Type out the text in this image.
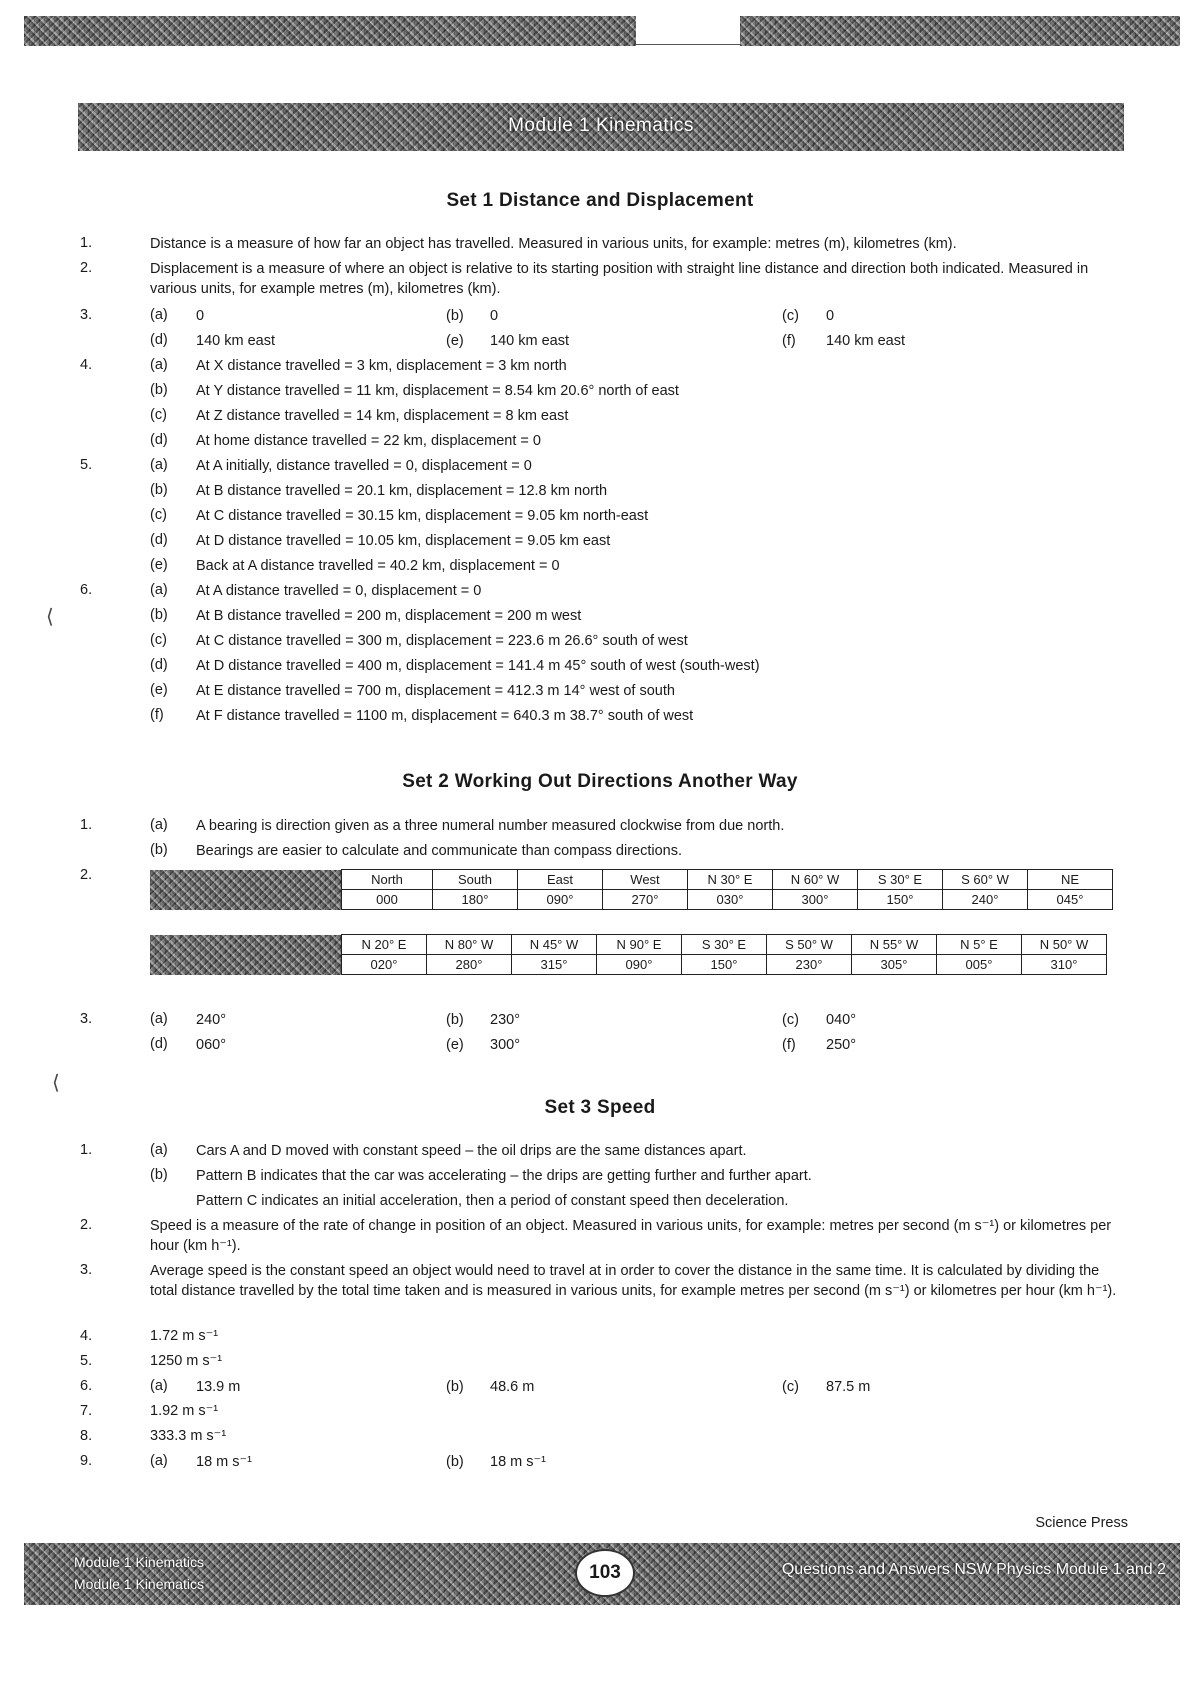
Module 1 Kinematics
Set 1 Distance and Displacement
1.	Distance is a measure of how far an object has travelled. Measured in various units, for example: metres (m), kilometres (km).
2.	Displacement is a measure of where an object is relative to its starting position with straight line distance and direction both indicated. Measured in various units, for example metres (m), kilometres (km).
3.	(a) 0	(b) 0	(c) 0
(d) 140 km east	(e) 140 km east	(f) 140 km east
4.	(a) At X distance travelled = 3 km, displacement = 3 km north
(b) At Y distance travelled = 11 km, displacement = 8.54 km 20.6° north of east
(c) At Z distance travelled = 14 km, displacement = 8 km east
(d) At home distance travelled = 22 km, displacement = 0
5.	(a) At A initially, distance travelled = 0, displacement = 0
(b) At B distance travelled = 20.1 km, displacement = 12.8 km north
(c) At C distance travelled = 30.15 km, displacement = 9.05 km north-east
(d) At D distance travelled = 10.05 km, displacement = 9.05 km east
(e) Back at A distance travelled = 40.2 km, displacement = 0
6.	(a) At A distance travelled = 0, displacement = 0
(b) At B distance travelled = 200 m, displacement = 200 m west
(c) At C distance travelled = 300 m, displacement = 223.6 m 26.6° south of west
(d) At D distance travelled = 400 m, displacement = 141.4 m 45° south of west (south-west)
(e) At E distance travelled = 700 m, displacement = 412.3 m 14° west of south
(f) At F distance travelled = 1100 m, displacement = 640.3 m 38.7° south of west
⟨
Set 2 Working Out Directions Another Way
1.	(a) A bearing is direction given as a three numeral number measured clockwise from due north.
(b) Bearings are easier to calculate and communicate than compass directions.
2.
		North	South	East	West	N 30° E	N 60° W	S 30° E	S 60° W	NE
	000	180°	090°	270°	030°	300°	150°	240°	045°
	N 20° E	N 80° W	N 45° W	N 90° E	S 30° E	S 50° W	N 55° W	N 5° E	N 50° W
	020°	280°	315°	090°	150°	230°	305°	005°	310°
3.	(a) 240°	(b) 230°	(c) 040°
(d) 060°	(e) 300°	(f) 250°
⟨
Set 3 Speed
1.	(a) Cars A and D moved with constant speed – the oil drips are the same distances apart.
(b) Pattern B indicates that the car was accelerating – the drips are getting further and further apart.
Pattern C indicates an initial acceleration, then a period of constant speed then deceleration.
2.	Speed is a measure of the rate of change in position of an object. Measured in various units, for example: metres per second (m s⁻¹) or kilometres per hour (km h⁻¹).
3.	Average speed is the constant speed an object would need to travel at in order to cover the distance in the same time. It is calculated by dividing the total distance travelled by the total time taken and is measured in various units, for example metres per second (m s⁻¹) or kilometres per hour (km h⁻¹).
4.	1.72 m s⁻¹
5.	1250 m s⁻¹
6.	(a) 13.9 m	(b) 48.6 m	(c) 87.5 m
7.	1.92 m s⁻¹
8.	333.3 m s⁻¹
9.	(a) 18 m s⁻¹	(b) 18 m s⁻¹
Science Press
Module 1 Kinematics
Module 1 Kinematics
Questions and Answers NSW Physics Module 1 and 2
103
